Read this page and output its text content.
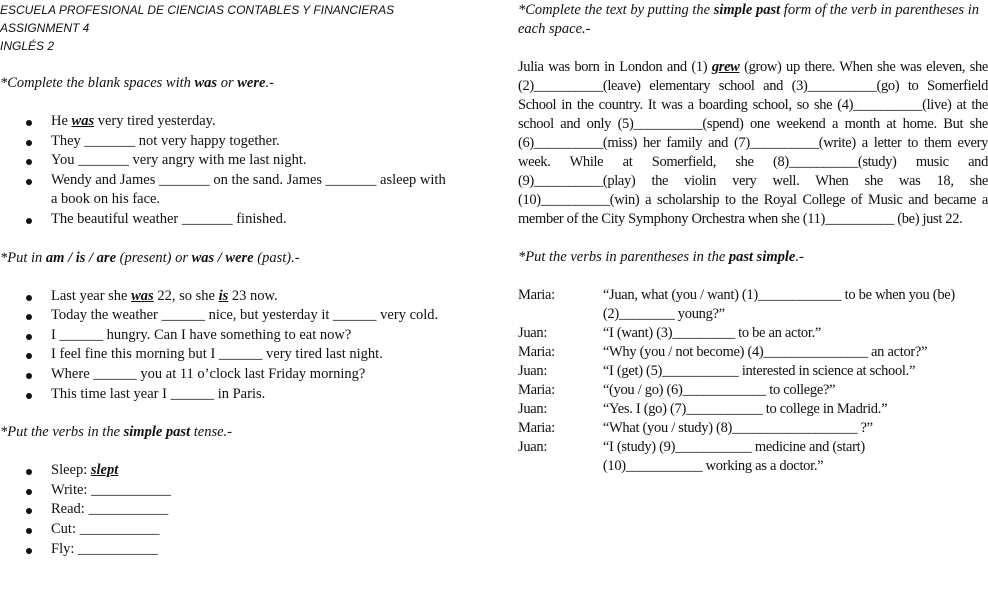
ESCUELA PROFESIONAL DE CIENCIAS CONTABLES Y FINANCIERAS

ASSIGNMENT 4

INGLÉS 2

*Complete the blank spaces with was or were.-

He was very tired yesterday.
They _______ not very happy together.
You _______ very angry with me last night.
Wendy and James _______ on the sand. James _______ asleep with a book on his face.
The beautiful weather _______ finished.

*Put in am / is / are (present) or was / were (past).-

Last year she was 22, so she is 23 now.
Today the weather ______ nice, but yesterday it ______ very cold.
I ______ hungry. Can I have something to eat now?
I feel fine this morning but I ______ very tired last night.
Where ______ you at 11 o’clock last Friday morning?
This time last year I ______ in Paris.

*Put the verbs in the simple past tense.-

Sleep: slept
Write: ___________
Read: ___________
Cut: ___________
Fly: ___________

*Complete the text by putting the simple past form of the verb in parentheses in each space.-

Julia was born in London and (1) grew (grow) up there. When she was eleven, she (2)__________(leave) elementary school and (3)__________(go) to Somerfield School in the country. It was a boarding school, so she (4)__________(live) at the school and only (5)__________(spend) one weekend a month at home. But she (6)__________(miss) her family and (7)__________(write) a letter to them every week. While at Somerfield, she (8)__________(study) music and (9)__________(play) the violin very well. When she was 18, she (10)__________(win) a scholarship to the Royal College of Music and became a member of the City Symphony Orchestra when she (11)__________ (be) just 22.

*Put the verbs in parentheses in the past simple.-

Maria:	“Juan, what (you / want) (1)____________ to be when you (be) (2)________ young?”
Juan:	“I (want) (3)_________ to be an actor.”
Maria:	“Why (you / not become) (4)_______________ an actor?”
Juan:	“I (get) (5)___________ interested in science at school.”
Maria:	“(you / go) (6)____________ to college?”
Juan:	“Yes. I (go) (7)___________ to college in Madrid.”
Maria:	“What (you / study) (8)__________________ ?”
Juan:	“I (study) (9)___________ medicine and (start) (10)___________ working as a doctor.”
